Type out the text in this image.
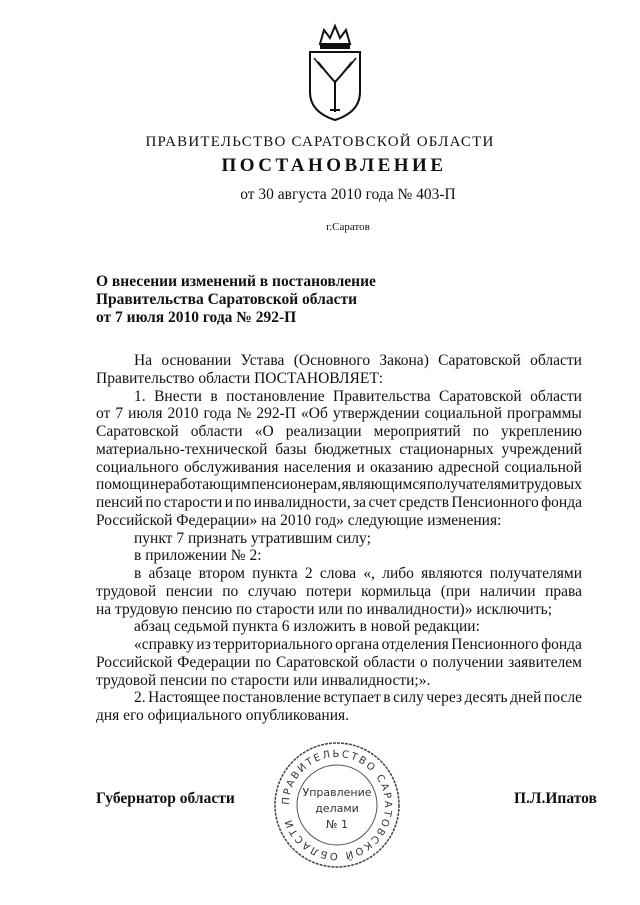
ПРАВИТЕЛЬСТВО САРАТОВСКОЙ ОБЛАСТИ
ПОСТАНОВЛЕНИЕ
от 30 августа 2010 года № 403-П
г.Саратов
О внесении изменений в постановление
Правительства Саратовской области
от 7 июля 2010 года № 292-П
На основании Устава (Основного Закона) Саратовской области
Правительство области ПОСТАНОВЛЯЕТ:
1. Внести в постановление Правительства Саратовской области
от 7 июля 2010 года № 292-П «Об утверждении социальной программы
Саратовской области «О реализации мероприятий по укреплению
материально-технической базы бюджетных стационарных учреждений
социального обслуживания населения и оказанию адресной социальной
помощи неработающим пенсионерам, являющимся получателями трудовых
пенсий по старости и по инвалидности, за счет средств Пенсионного фонда
Российской Федерации» на 2010 год» следующие изменения:
пункт 7 признать утратившим силу;
в приложении № 2:
в абзаце втором пункта 2 слова «, либо являются получателями
трудовой пенсии по случаю потери кормильца (при наличии права
на трудовую пенсию по старости или по инвалидности)» исключить;
абзац седьмой пункта 6 изложить в новой редакции:
«справку из территориального органа отделения Пенсионного фонда
Российской Федерации по Саратовской области о получении заявителем
трудовой пенсии по старости или инвалидности;».
2. Настоящее постановление вступает в силу через десять дней после
дня его официального опубликования.
Губернатор области	П.Л.Ипатов
ПРАВИТЕЛЬСТВО САРАТОВСКОЙ ОБЛАСТИ
Управление
делами
№ 1
